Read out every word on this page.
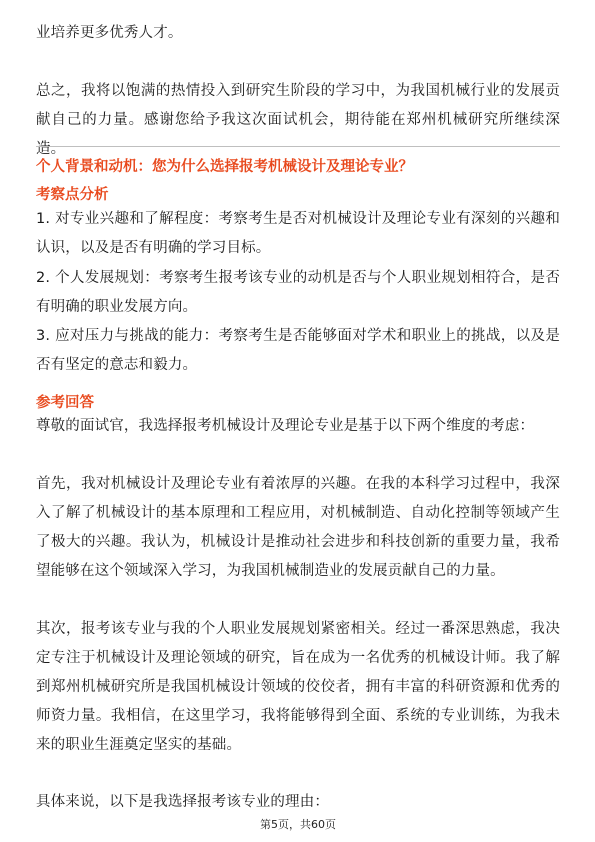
业培养更多优秀人才。

总之，我将以饱满的热情投入到研究生阶段的学习中，为我国机械行业的发展贡献自己的力量。感谢您给予我这次面试机会，期待能在郑州机械研究所继续深造。

个人背景和动机：您为什么选择报考机械设计及理论专业？

考察点分析

1. 对专业兴趣和了解程度：考察考生是否对机械设计及理论专业有深刻的兴趣和认识，以及是否有明确的学习目标。

2. 个人发展规划：考察考生报考该专业的动机是否与个人职业规划相符合，是否有明确的职业发展方向。

3. 应对压力与挑战的能力：考察考生是否能够面对学术和职业上的挑战，以及是否有坚定的意志和毅力。

参考回答

尊敬的面试官，我选择报考机械设计及理论专业是基于以下两个维度的考虑：

首先，我对机械设计及理论专业有着浓厚的兴趣。在我的本科学习过程中，我深入了解了机械设计的基本原理和工程应用，对机械制造、自动化控制等领域产生了极大的兴趣。我认为，机械设计是推动社会进步和科技创新的重要力量，我希望能够在这个领域深入学习，为我国机械制造业的发展贡献自己的力量。

其次，报考该专业与我的个人职业发展规划紧密相关。经过一番深思熟虑，我决定专注于机械设计及理论领域的研究，旨在成为一名优秀的机械设计师。我了解到郑州机械研究所是我国机械设计领域的佼佼者，拥有丰富的科研资源和优秀的师资力量。我相信，在这里学习，我将能够得到全面、系统的专业训练，为我未来的职业生涯奠定坚实的基础。

具体来说，以下是我选择报考该专业的理由：

第5页，共60页
